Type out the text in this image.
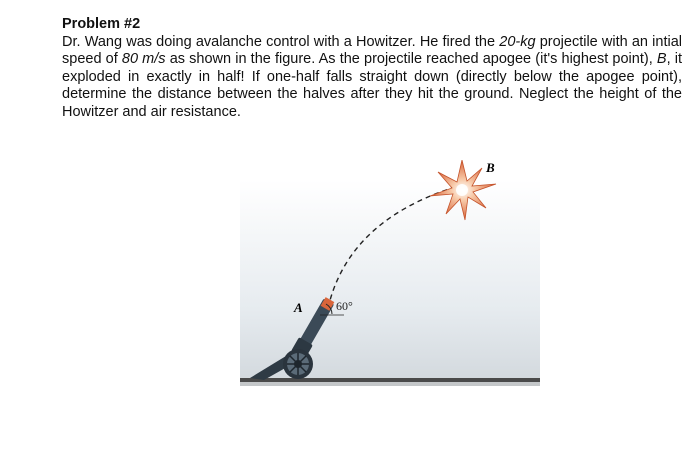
Problem #2

Dr. Wang was doing avalanche control with a Howitzer. He fired the 20-kg projectile with an intial speed of 80 m/s as shown in the figure. As the projectile reached apogee (it's highest point), B, it exploded in exactly in half! If one-half falls straight down (directly below the apogee point), determine the distance between the halves after they hit the ground. Neglect the height of the Howitzer and air resistance.

B
60°
A
